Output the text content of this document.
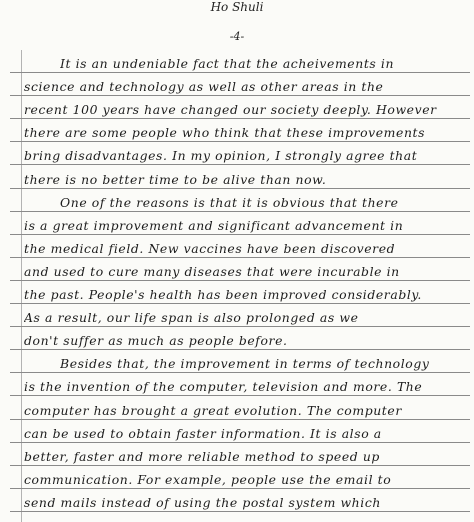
Ho Shuli
-4-
It is an undeniable fact that the acheivements in
science and technology as well as other areas in the
recent 100 years have changed our society deeply. However
there are some people who think that these improvements
bring disadvantages. In my opinion, I strongly agree that
there is no better time to be alive than now.
One of the reasons is that it is obvious that there
is a great improvement and significant advancement in
the medical field. New vaccines have been discovered
and used to cure many diseases that were incurable in
the past. People's health has been improved considerably.
As a result, our life span is also prolonged as we
don't suffer as much as people before.
Besides that, the improvement in terms of technology
is the invention of the computer, television and more. The
computer has brought a great evolution. The computer
can be used to obtain faster information. It is also a
better, faster and more reliable method to speed up
communication. For example, people use the email to
send mails instead of using the postal system which
